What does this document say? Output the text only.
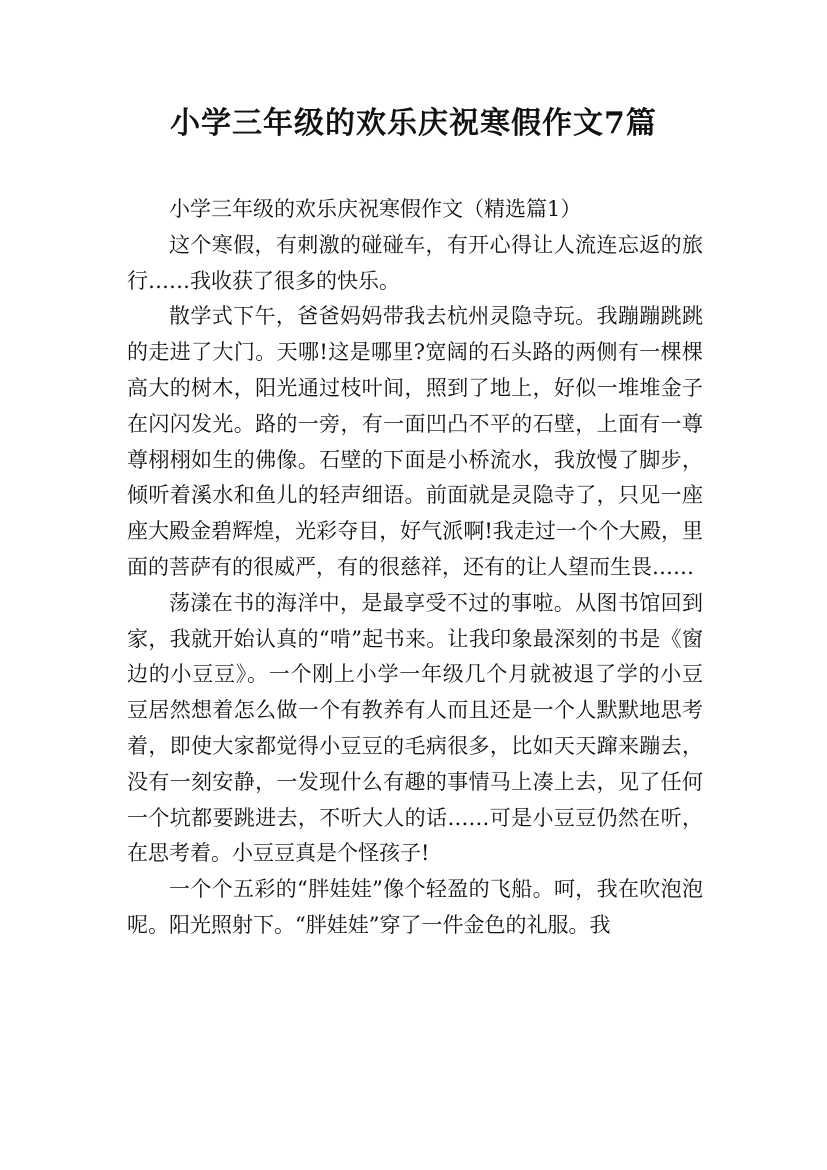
小学三年级的欢乐庆祝寒假作文7篇

小学三年级的欢乐庆祝寒假作文（精选篇1）

这个寒假，有刺激的碰碰车，有开心得让人流连忘返的旅行……我收获了很多的快乐。

散学式下午，爸爸妈妈带我去杭州灵隐寺玩。我蹦蹦跳跳的走进了大门。天哪!这是哪里?宽阔的石头路的两侧有一棵棵高大的树木，阳光通过枝叶间，照到了地上，好似一堆堆金子在闪闪发光。路的一旁，有一面凹凸不平的石壁，上面有一尊尊栩栩如生的佛像。石壁的下面是小桥流水，我放慢了脚步，倾听着溪水和鱼儿的轻声细语。前面就是灵隐寺了，只见一座座大殿金碧辉煌，光彩夺目，好气派啊!我走过一个个大殿，里面的菩萨有的很威严，有的很慈祥，还有的让人望而生畏……

荡漾在书的海洋中，是最享受不过的事啦。从图书馆回到家，我就开始认真的“啃”起书来。让我印象最深刻的书是《窗边的小豆豆》。一个刚上小学一年级几个月就被退了学的小豆豆居然想着怎么做一个有教养有人而且还是一个人默默地思考着，即使大家都觉得小豆豆的毛病很多，比如天天蹿来蹦去，没有一刻安静，一发现什么有趣的事情马上凑上去，见了任何一个坑都要跳进去，不听大人的话……可是小豆豆仍然在听，在思考着。小豆豆真是个怪孩子!

一个个五彩的“胖娃娃”像个轻盈的飞船。呵，我在吹泡泡呢。阳光照射下。“胖娃娃”穿了一件金色的礼服。我
